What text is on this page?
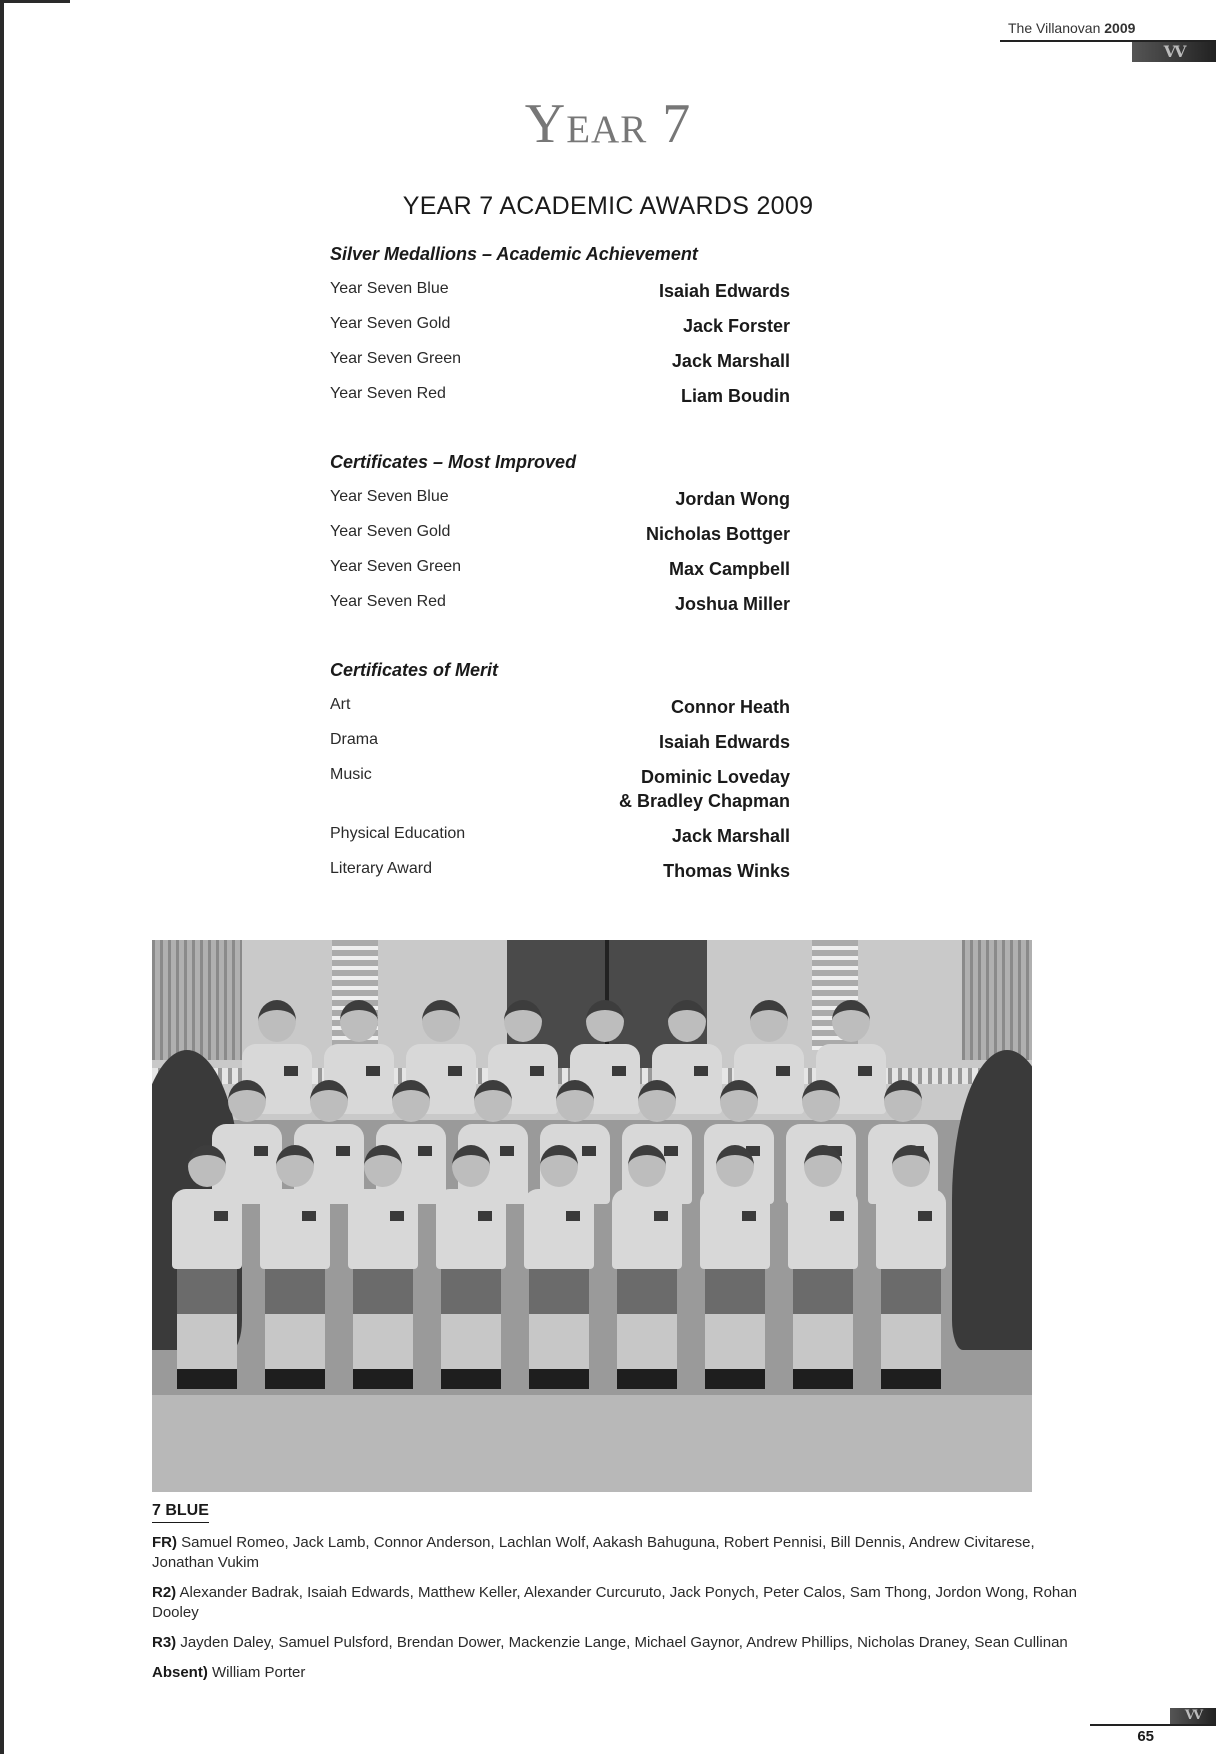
The Villanovan 2009
VV
Year 7
YEAR 7 ACADEMIC AWARDS 2009
Silver Medallions – Academic Achievement
Year Seven Blue	Isaiah Edwards
Year Seven Gold	Jack Forster
Year Seven Green	Jack Marshall
Year Seven Red	Liam Boudin
Certificates – Most Improved
Year Seven Blue	Jordan Wong
Year Seven Gold	Nicholas Bottger
Year Seven Green	Max Campbell
Year Seven Red	Joshua Miller
Certificates of Merit
Art	Connor Heath
Drama	Isaiah Edwards
Music	Dominic Loveday
& Bradley Chapman
Physical Education	Jack Marshall
Literary Award	Thomas Winks
7 BLUE
FR) Samuel Romeo, Jack Lamb, Connor Anderson, Lachlan Wolf, Aakash Bahuguna, Robert Pennisi, Bill Dennis, Andrew Civitarese, Jonathan Vukim
R2) Alexander Badrak, Isaiah Edwards, Matthew Keller, Alexander Curcuruto, Jack Ponych, Peter Calos, Sam Thong, Jordon Wong, Rohan Dooley
R3) Jayden Daley, Samuel Pulsford, Brendan Dower, Mackenzie Lange, Michael Gaynor, Andrew Phillips, Nicholas Draney, Sean Cullinan
Absent) William Porter
VV
65
